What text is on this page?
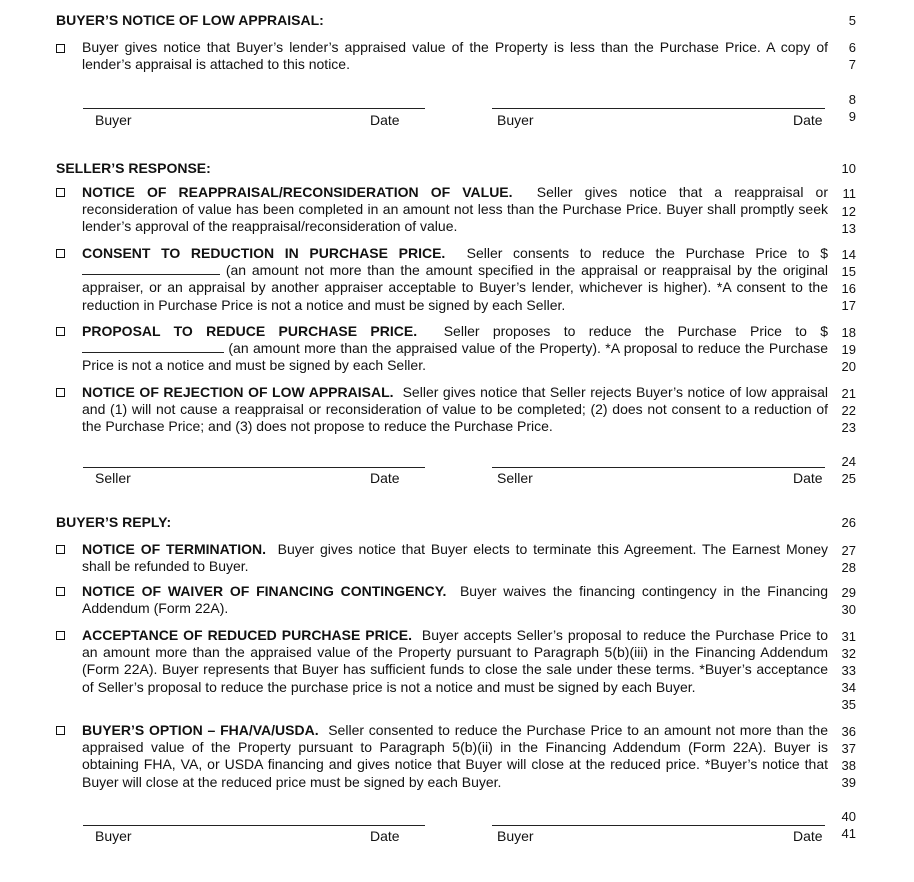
BUYER’S NOTICE OF LOW APPRAISAL:
Buyer gives notice that Buyer’s lender’s appraised value of the Property is less than the Purchase Price. A copy of lender’s appraisal is attached to this notice.
Buyer	Date	Buyer	Date
SELLER’S RESPONSE:
NOTICE OF REAPPRAISAL/RECONSIDERATION OF VALUE. Seller gives notice that a reappraisal or reconsideration of value has been completed in an amount not less than the Purchase Price. Buyer shall promptly seek lender’s approval of the reappraisal/reconsideration of value.
CONSENT TO REDUCTION IN PURCHASE PRICE. Seller consents to reduce the Purchase Price to $ (an amount not more than the amount specified in the appraisal or reappraisal by the original appraiser, or an appraisal by another appraiser acceptable to Buyer’s lender, whichever is higher). *A consent to the reduction in Purchase Price is not a notice and must be signed by each Seller.
PROPOSAL TO REDUCE PURCHASE PRICE. Seller proposes to reduce the Purchase Price to $ (an amount more than the appraised value of the Property). *A proposal to reduce the Purchase Price is not a notice and must be signed by each Seller.
NOTICE OF REJECTION OF LOW APPRAISAL. Seller gives notice that Seller rejects Buyer’s notice of low appraisal and (1) will not cause a reappraisal or reconsideration of value to be completed; (2) does not consent to a reduction of the Purchase Price; and (3) does not propose to reduce the Purchase Price.
Seller	Date	Seller	Date
BUYER’S REPLY:
NOTICE OF TERMINATION. Buyer gives notice that Buyer elects to terminate this Agreement. The Earnest Money shall be refunded to Buyer.
NOTICE OF WAIVER OF FINANCING CONTINGENCY. Buyer waives the financing contingency in the Financing Addendum (Form 22A).
ACCEPTANCE OF REDUCED PURCHASE PRICE. Buyer accepts Seller’s proposal to reduce the Purchase Price to an amount more than the appraised value of the Property pursuant to Paragraph 5(b)(iii) in the Financing Addendum (Form 22A). Buyer represents that Buyer has sufficient funds to close the sale under these terms. *Buyer’s acceptance of Seller’s proposal to reduce the purchase price is not a notice and must be signed by each Buyer.
BUYER’S OPTION – FHA/VA/USDA. Seller consented to reduce the Purchase Price to an amount not more than the appraised value of the Property pursuant to Paragraph 5(b)(ii) in the Financing Addendum (Form 22A). Buyer is obtaining FHA, VA, or USDA financing and gives notice that Buyer will close at the reduced price. *Buyer’s notice that Buyer will close at the reduced price must be signed by each Buyer.
Buyer	Date	Buyer	Date
5
6
7
8
9
10
11
12
13
14
15
16
17
18
19
20
21
22
23
24
25
26
27
28
29
30
31
32
33
34
35
36
37
38
39
40
41
